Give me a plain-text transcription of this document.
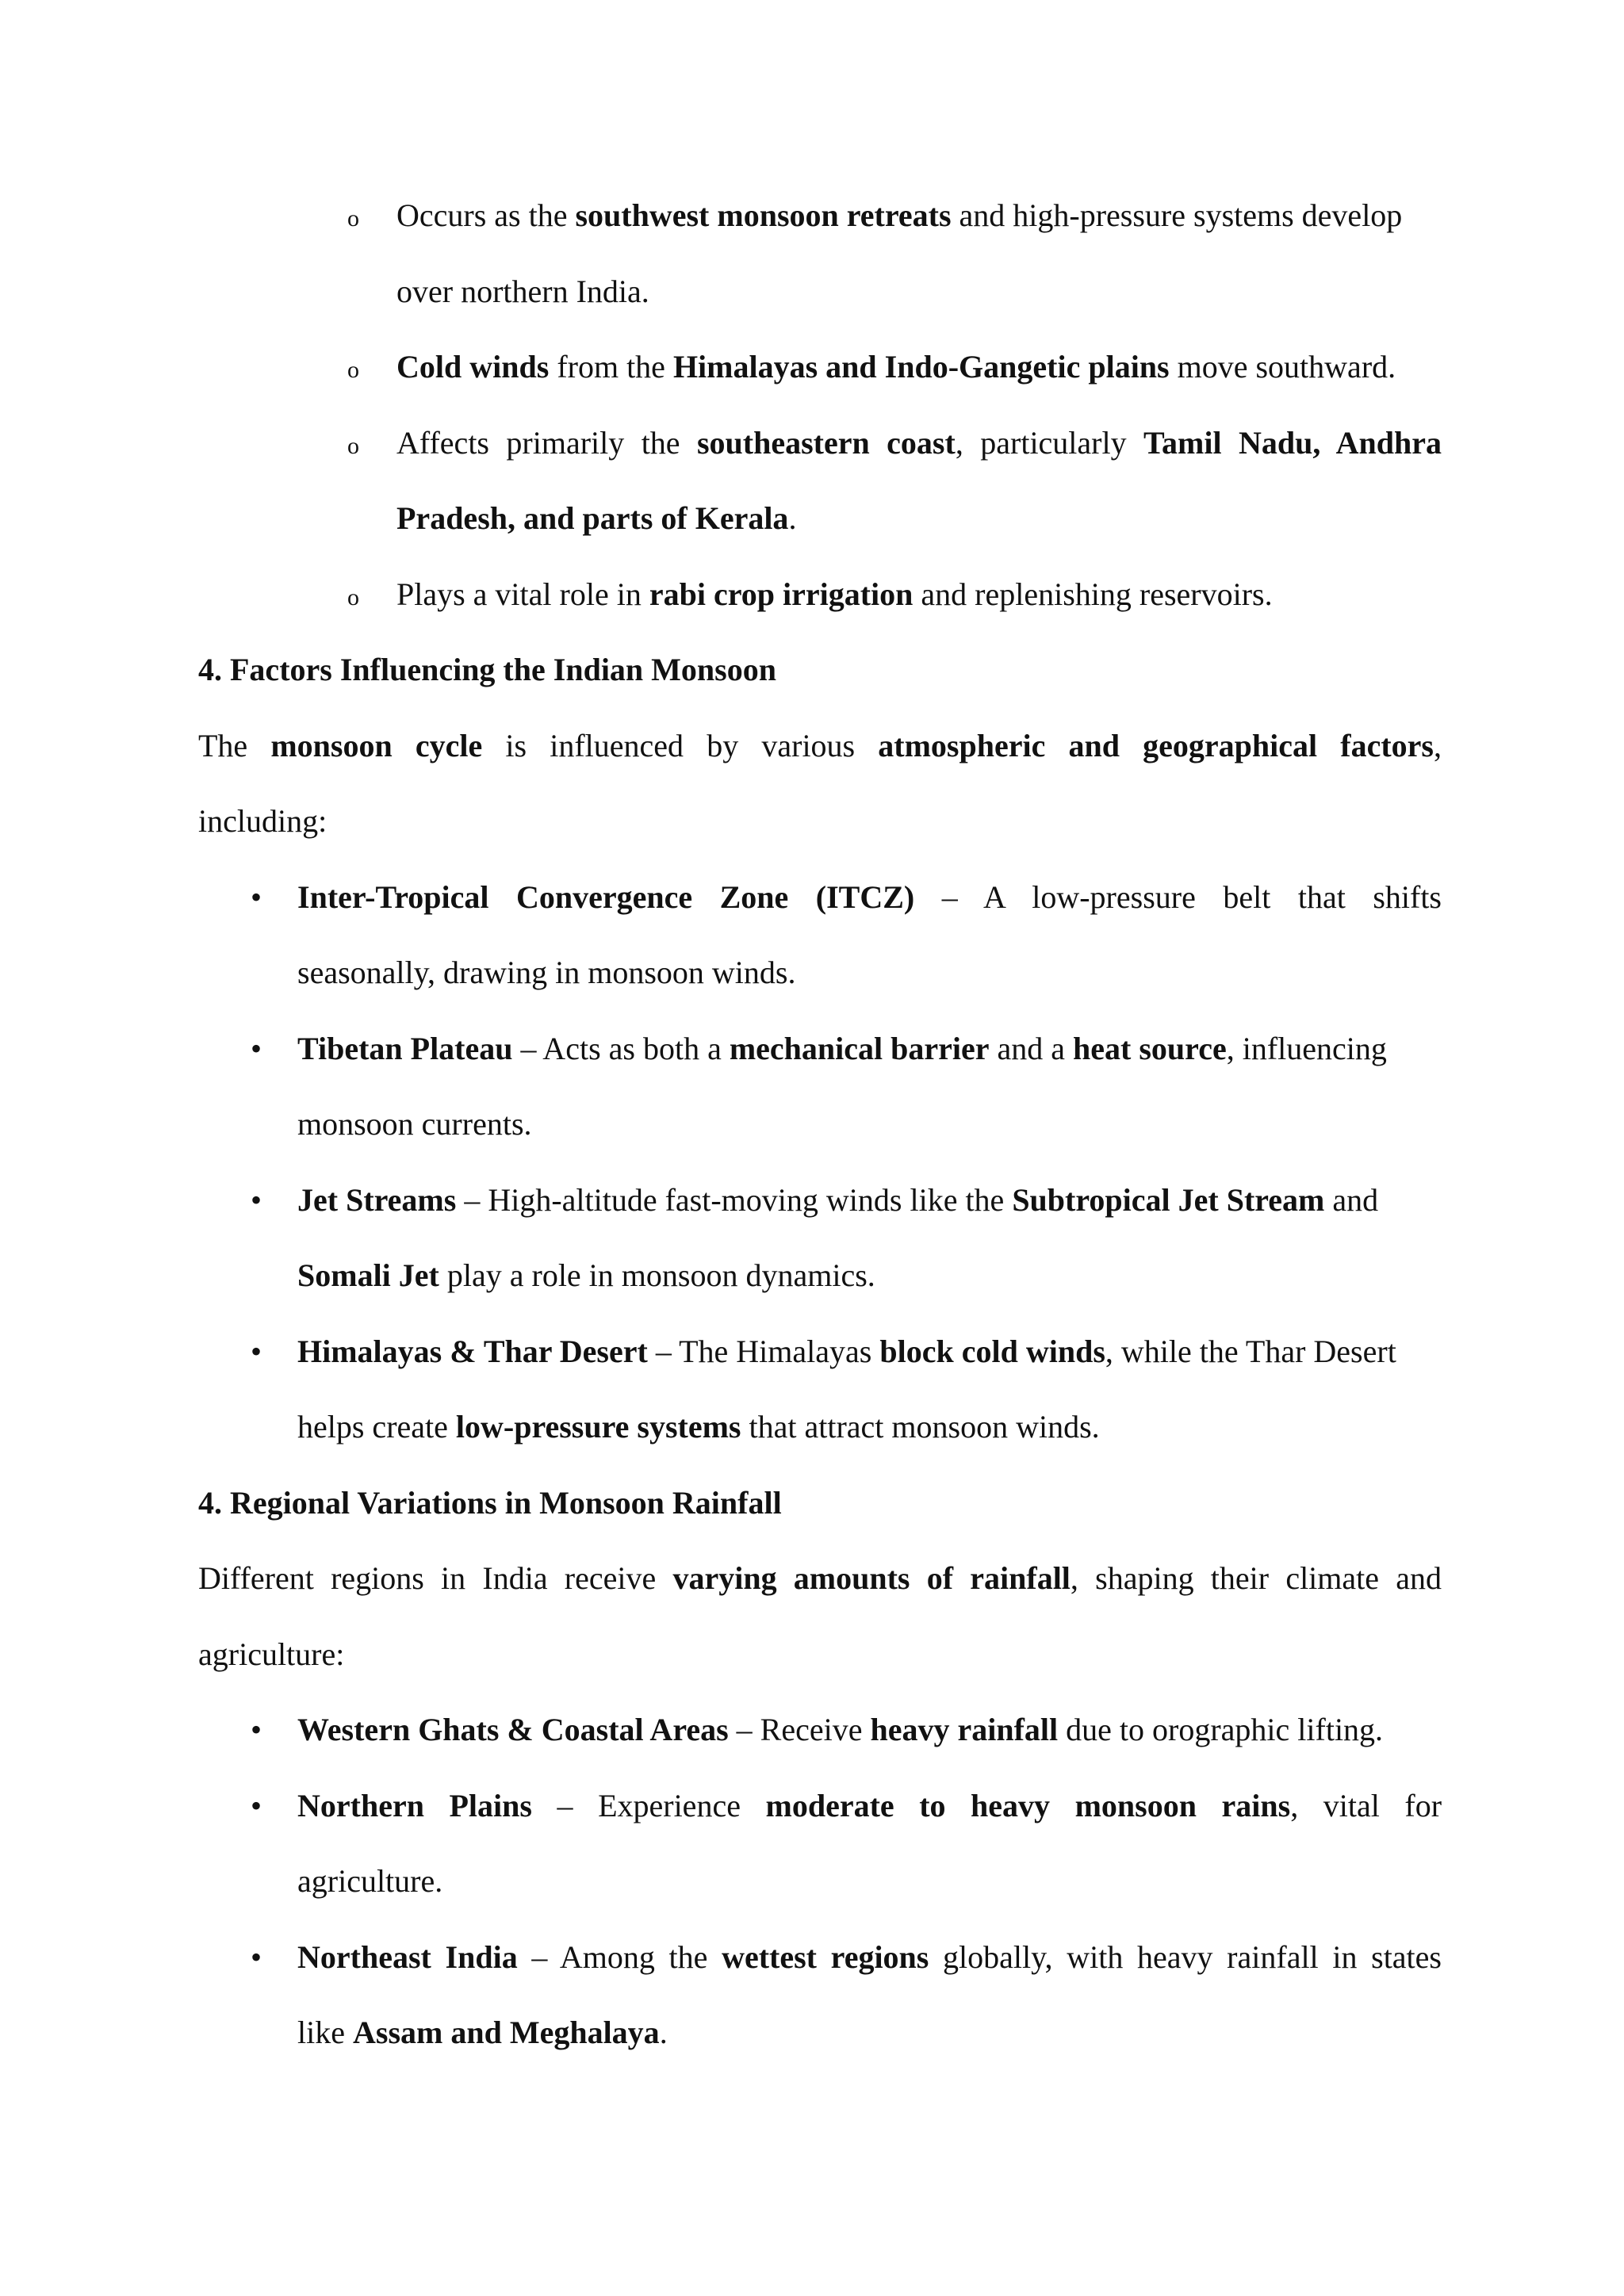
o Occurs as the southwest monsoon retreats and high-pressure systems develop
over northern India.
o Cold winds from the Himalayas and Indo-Gangetic plains move southward.
o Affects primarily the southeastern coast, particularly Tamil Nadu, Andhra
Pradesh, and parts of Kerala.
o Plays a vital role in rabi crop irrigation and replenishing reservoirs.
4. Factors Influencing the Indian Monsoon
The monsoon cycle is influenced by various atmospheric and geographical factors,
including:
• Inter-Tropical Convergence Zone (ITCZ) – A low-pressure belt that shifts
seasonally, drawing in monsoon winds.
• Tibetan Plateau – Acts as both a mechanical barrier and a heat source, influencing
monsoon currents.
• Jet Streams – High-altitude fast-moving winds like the Subtropical Jet Stream and
Somali Jet play a role in monsoon dynamics.
• Himalayas & Thar Desert – The Himalayas block cold winds, while the Thar Desert
helps create low-pressure systems that attract monsoon winds.
4. Regional Variations in Monsoon Rainfall
Different regions in India receive varying amounts of rainfall, shaping their climate and
agriculture:
• Western Ghats & Coastal Areas – Receive heavy rainfall due to orographic lifting.
• Northern Plains – Experience moderate to heavy monsoon rains, vital for
agriculture.
• Northeast India – Among the wettest regions globally, with heavy rainfall in states
like Assam and Meghalaya.
